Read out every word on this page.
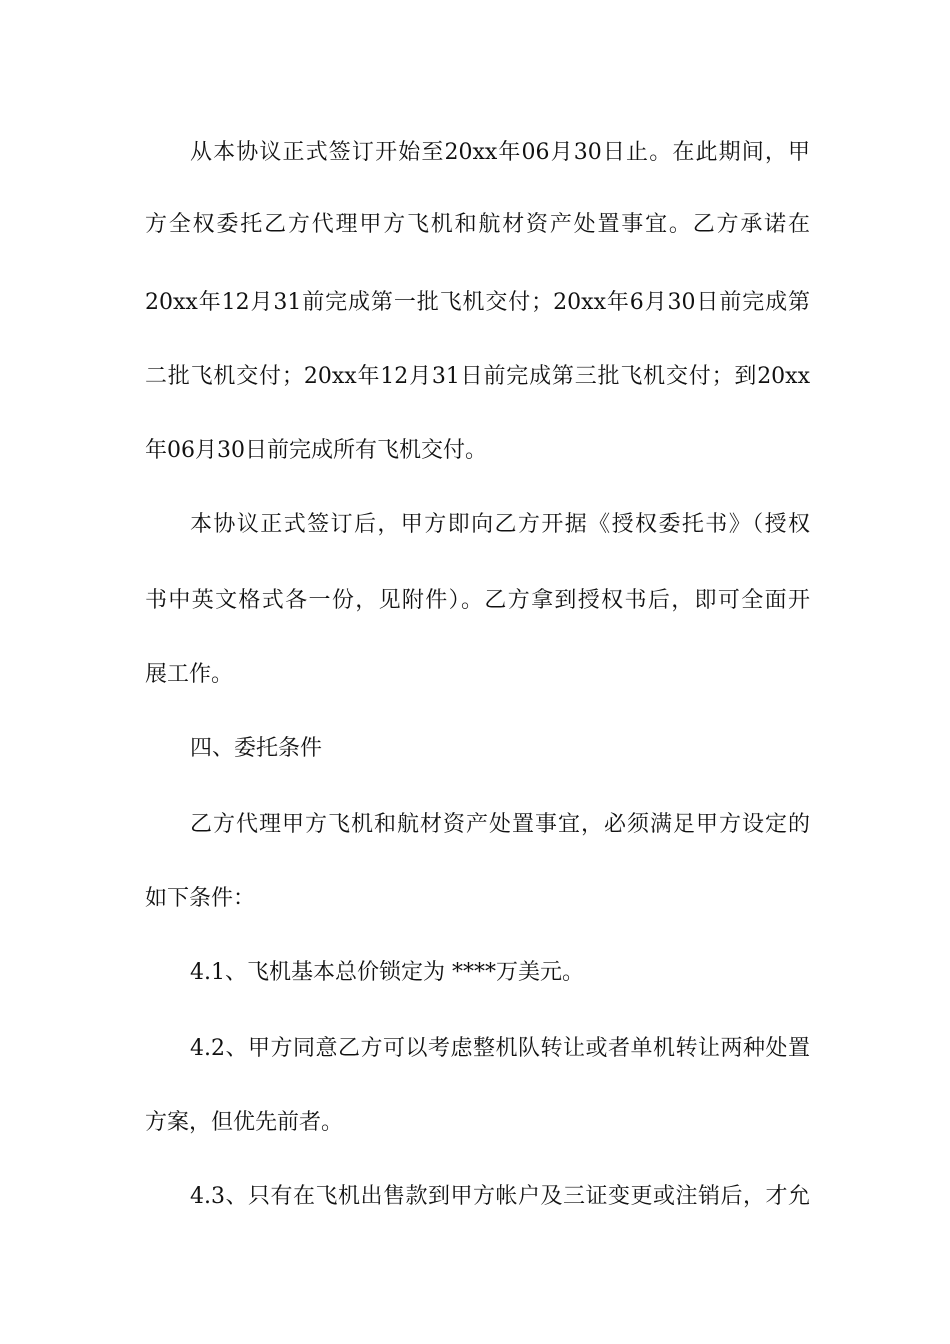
从本协议正式签订开始至20xx年06月30日止。在此期间，甲
方全权委托乙方代理甲方飞机和航材资产处置事宜。乙方承诺在
20xx年12月31前完成第一批飞机交付；20xx年6月30日前完成第
二批飞机交付；20xx年12月31日前完成第三批飞机交付；到20xx
年06月30日前完成所有飞机交付。
本协议正式签订后，甲方即向乙方开据《授权委托书》（授权
书中英文格式各一份，见附件）。乙方拿到授权书后，即可全面开
展工作。
四、委托条件
乙方代理甲方飞机和航材资产处置事宜，必须满足甲方设定的
如下条件：
4.1、飞机基本总价锁定为 ****万美元。
4.2、甲方同意乙方可以考虑整机队转让或者单机转让两种处置
方案，但优先前者。
4.3、只有在飞机出售款到甲方帐户及三证变更或注销后，才允
